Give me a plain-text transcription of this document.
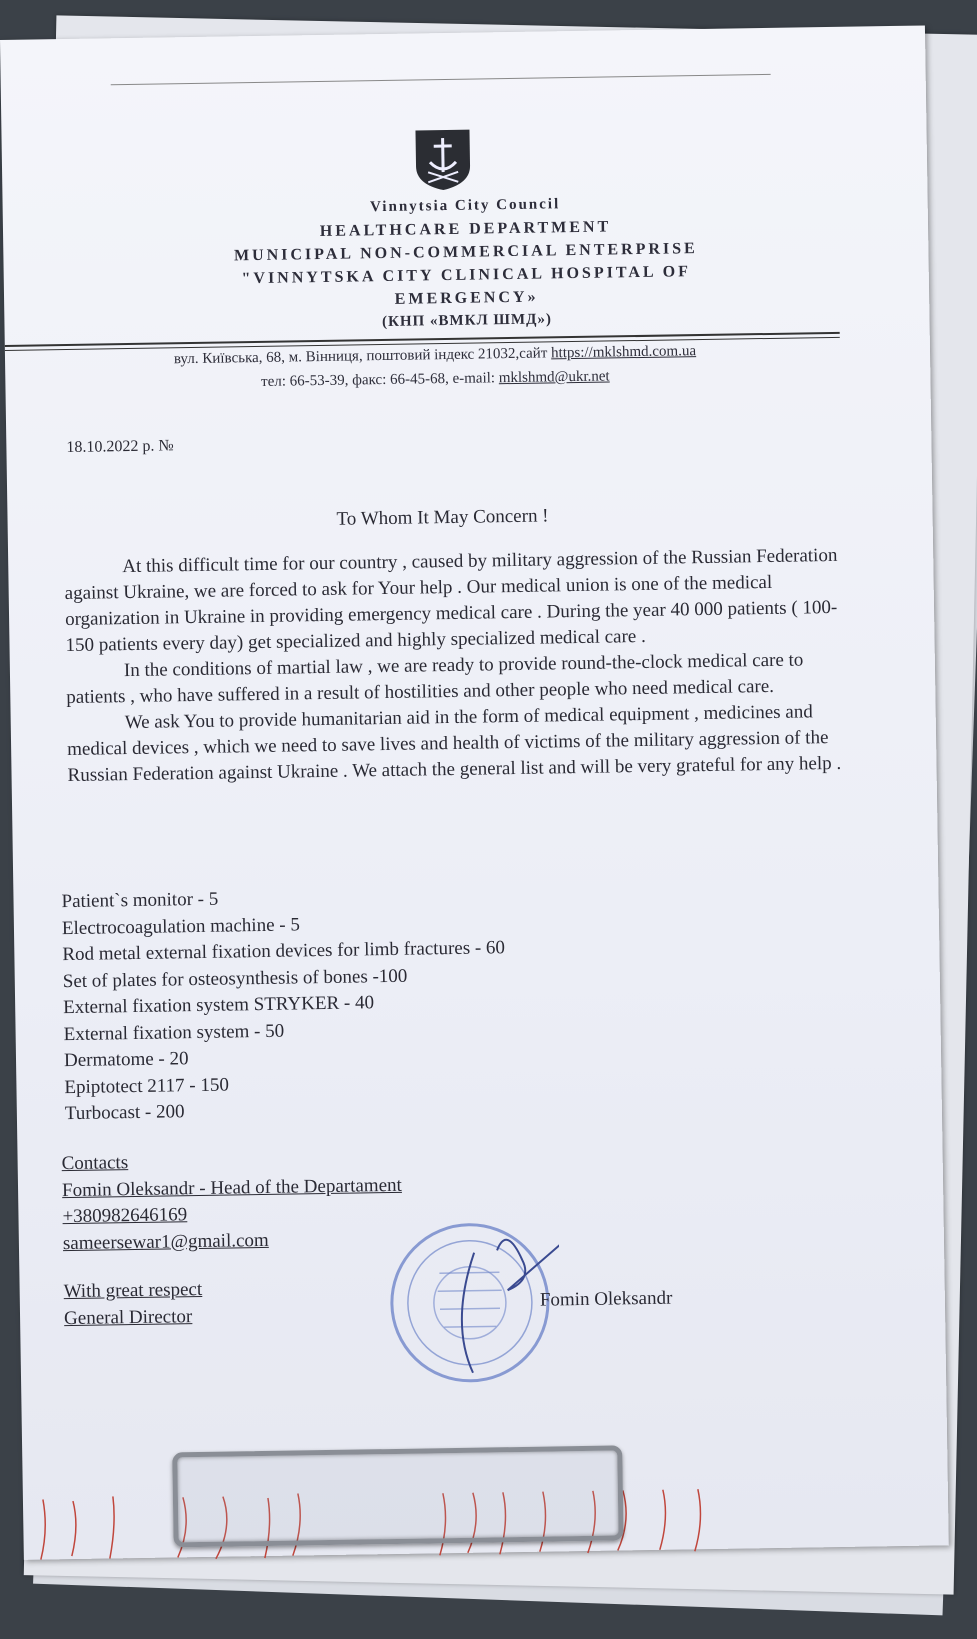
Vinnytsia City Council
HEALTHCARE DEPARTMENT
MUNICIPAL NON-COMMERCIAL ENTERPRISE
"VINNYTSKA CITY CLINICAL HOSPITAL OF
EMERGENCY»
(КНП «ВМКЛ ШМД»)
вул. Київська, 68, м. Вінниця, поштовий індекс 21032,сайт https://mklshmd.com.ua
тел: 66-53-39, факс: 66-45-68, e-mail: mklshmd@ukr.net
18.10.2022 р. №
To Whom It May Concern !

At this difficult time for our country , caused by military aggression of the Russian Federation against Ukraine, we are forced to ask for Your help . Our medical union is one of the medical organization in Ukraine in providing emergency medical care . During the year 40 000 patients ( 100-150 patients every day) get specialized and highly specialized medical care .

In the conditions of martial law , we are ready to provide round-the-clock medical care to patients , who have suffered in a result of hostilities and other people who need medical care.

We ask You to provide humanitarian aid in the form of medical equipment , medicines and medical devices , which we need to save lives and health of victims of the military aggression of the Russian Federation against Ukraine . We attach the general list and will be very grateful for any help .

Patient`s monitor - 5
Electrocoagulation machine - 5
Rod metal external fixation devices for limb fractures - 60
Set of plates for osteosynthesis of bones -100
External fixation system STRYKER - 40
External fixation system - 50
Dermatome - 20
Epiptotect 2117 - 150
Turbocast - 200
Contacts
Fomin Oleksandr - Head of the Departament
+380982646169
sameersewar1@gmail.com
With great respect
General Director
Fomin Oleksandr
